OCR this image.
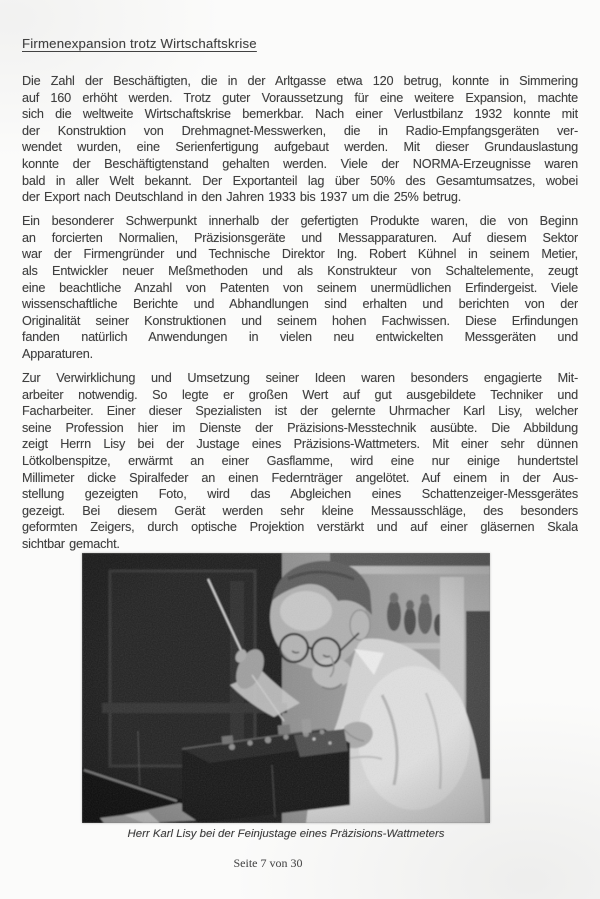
Firmenexpansion trotz Wirtschaftskrise
Die Zahl der Beschäftigten, die in der Arltgasse etwa 120 betrug, konnte in Simmering
auf 160 erhöht werden. Trotz guter Voraussetzung für eine weitere Expansion, machte
sich die weltweite Wirtschaftskrise bemerkbar. Nach einer Verlustbilanz 1932 konnte mit
der Konstruktion von Drehmagnet-Messwerken, die in Radio-Empfangsgeräten ver-
wendet wurden, eine Serienfertigung aufgebaut werden. Mit dieser Grundauslastung
konnte der Beschäftigtenstand gehalten werden. Viele der NORMA-Erzeugnisse waren
bald in aller Welt bekannt. Der Exportanteil lag über 50% des Gesamtumsatzes, wobei
der Export nach Deutschland in den Jahren 1933 bis 1937 um die 25% betrug.
Ein besonderer Schwerpunkt innerhalb der gefertigten Produkte waren, die von Beginn
an forcierten Normalien, Präzisionsgeräte und Messapparaturen. Auf diesem Sektor
war der Firmengründer und Technische Direktor Ing. Robert Kühnel in seinem Metier,
als Entwickler neuer Meßmethoden und als Konstrukteur von Schaltelemente, zeugt
eine beachtliche Anzahl von Patenten von seinem unermüdlichen Erfindergeist. Viele
wissenschaftliche Berichte und Abhandlungen sind erhalten und berichten von der
Originalität seiner Konstruktionen und seinem hohen Fachwissen. Diese Erfindungen
fanden natürlich Anwendungen in vielen neu entwickelten Messgeräten und
Apparaturen.
Zur Verwirklichung und Umsetzung seiner Ideen waren besonders engagierte Mit-
arbeiter notwendig. So legte er großen Wert auf gut ausgebildete Techniker und
Facharbeiter. Einer dieser Spezialisten ist der gelernte Uhrmacher Karl Lisy, welcher
seine Profession hier im Dienste der Präzisions-Messtechnik ausübte. Die Abbildung
zeigt Herrn Lisy bei der Justage eines Präzisions-Wattmeters. Mit einer sehr dünnen
Lötkolbenspitze, erwärmt an einer Gasflamme, wird eine nur einige hundertstel
Millimeter dicke Spiralfeder an einen Federnträger angelötet. Auf einem in der Aus-
stellung gezeigten Foto, wird das Abgleichen eines Schattenzeiger-Messgerätes
gezeigt. Bei diesem Gerät werden sehr kleine Messausschläge, des besonders
geformten Zeigers, durch optische Projektion verstärkt und auf einer gläsernen Skala
sichtbar gemacht.
Herr Karl Lisy bei der Feinjustage eines Präzisions-Wattmeters
Seite 7 von 30
